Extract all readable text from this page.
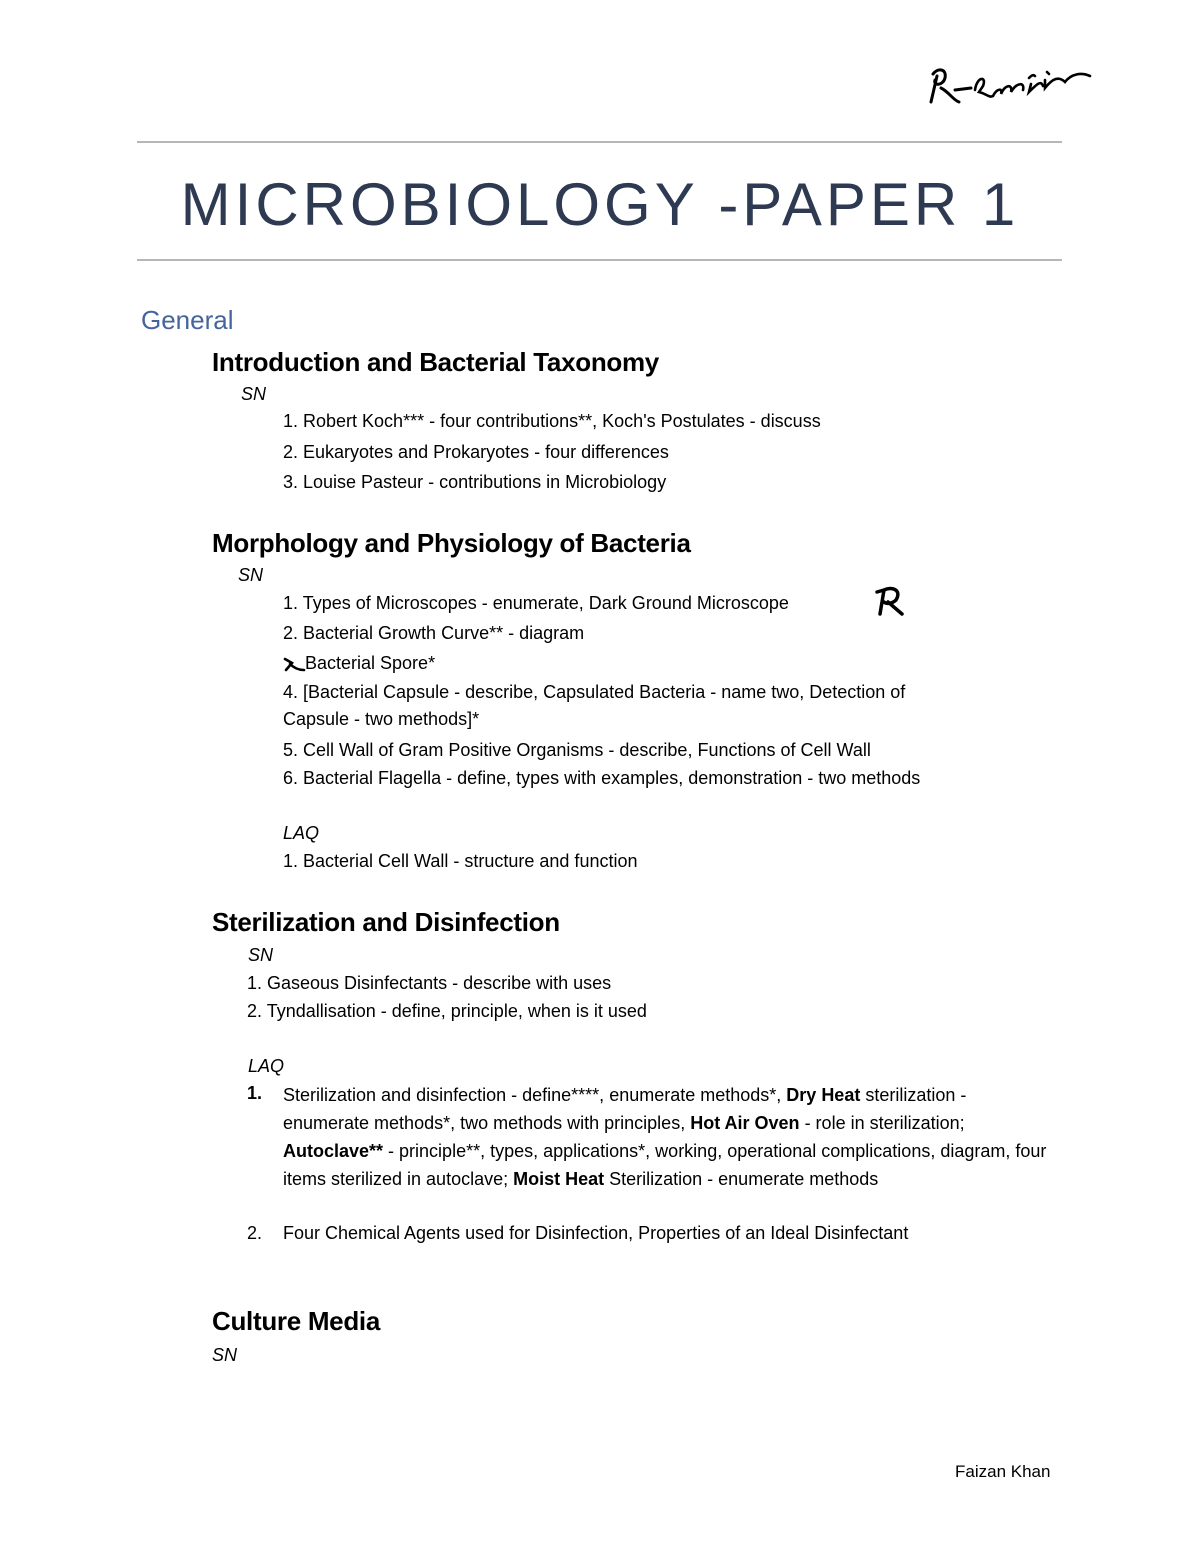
MICROBIOLOGY -PAPER 1
General
Introduction and Bacterial Taxonomy
SN
1. Robert Koch*** - four contributions**, Koch's Postulates - discuss
2. Eukaryotes and Prokaryotes - four differences
3. Louise Pasteur - contributions in Microbiology
Morphology and Physiology of Bacteria
SN
1. Types of Microscopes - enumerate, Dark Ground Microscope
2. Bacterial Growth Curve** - diagram
Bacterial Spore*
4. [Bacterial Capsule - describe, Capsulated Bacteria - name two, Detection of
Capsule - two methods]*
5. Cell Wall of Gram Positive Organisms - describe, Functions of Cell Wall
6. Bacterial Flagella - define, types with examples, demonstration - two methods
LAQ
1. Bacterial Cell Wall - structure and function
Sterilization and Disinfection
SN
1. Gaseous Disinfectants - describe with uses
2. Tyndallisation - define, principle, when is it used
LAQ
1. Sterilization and disinfection - define****, enumerate methods*, Dry Heat sterilization - enumerate methods*, two methods with principles, Hot Air Oven - role in sterilization; Autoclave** - principle**, types, applications*, working, operational complications, diagram, four items sterilized in autoclave; Moist Heat Sterilization - enumerate methods
2. Four Chemical Agents used for Disinfection, Properties of an Ideal Disinfectant
Culture Media
SN
Faizan Khan
